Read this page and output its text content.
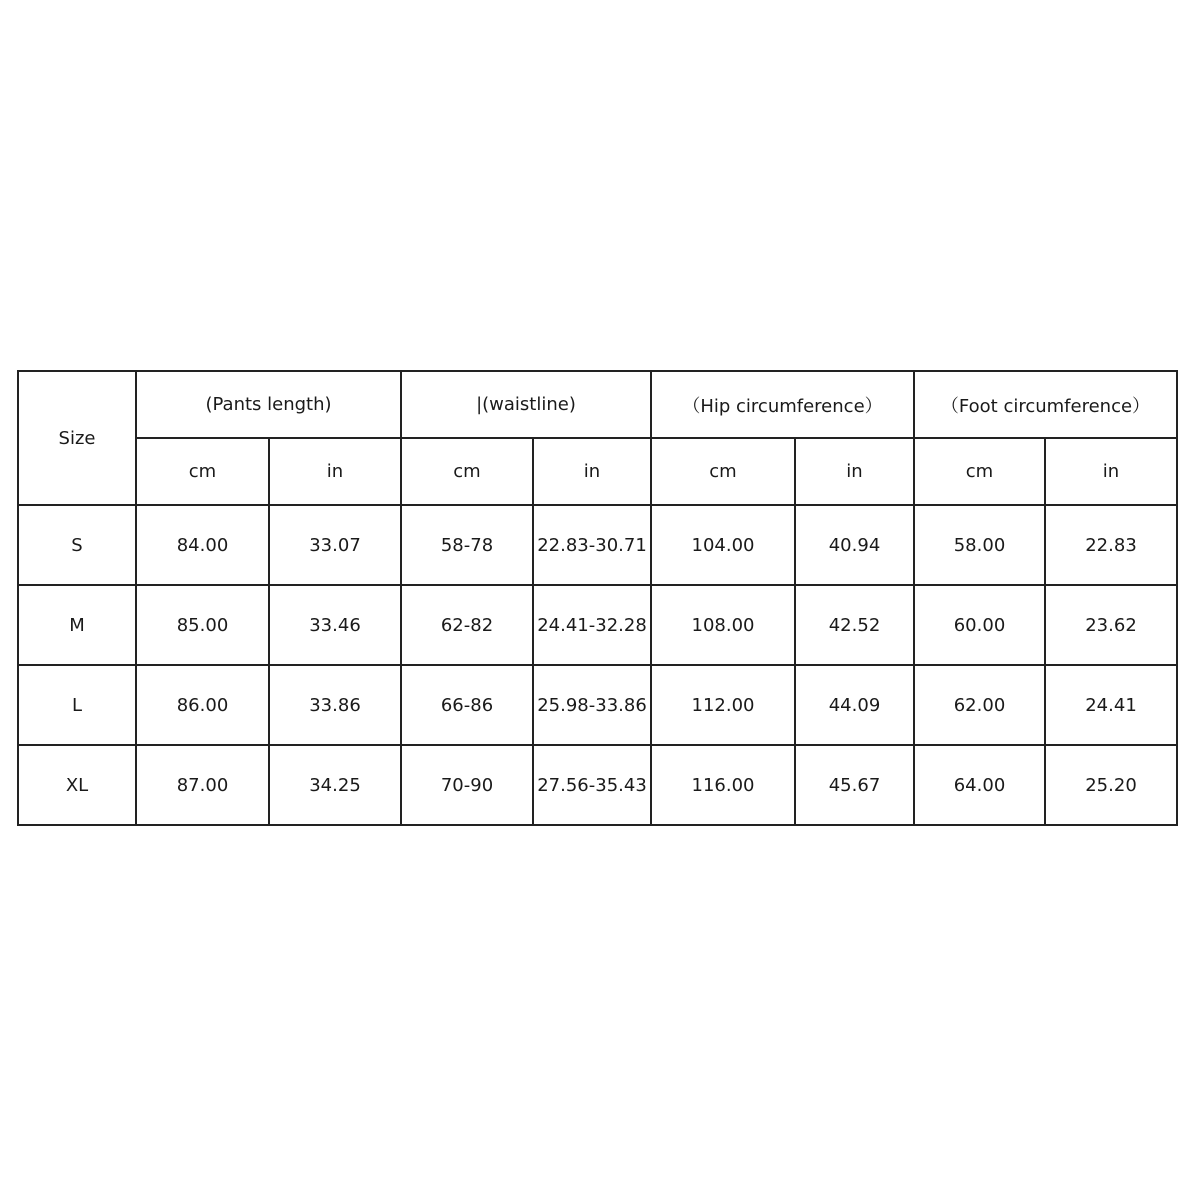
Size	(Pants length)		|(waistline)		（Hip circumference）		（Foot circumference）	
	cm	in	cm	in	cm	in	cm	in
S	84.00	33.07	58-78	22.83-30.71	104.00	40.94	58.00	22.83
M	85.00	33.46	62-82	24.41-32.28	108.00	42.52	60.00	23.62
L	86.00	33.86	66-86	25.98-33.86	112.00	44.09	62.00	24.41
XL	87.00	34.25	70-90	27.56-35.43	116.00	45.67	64.00	25.20
